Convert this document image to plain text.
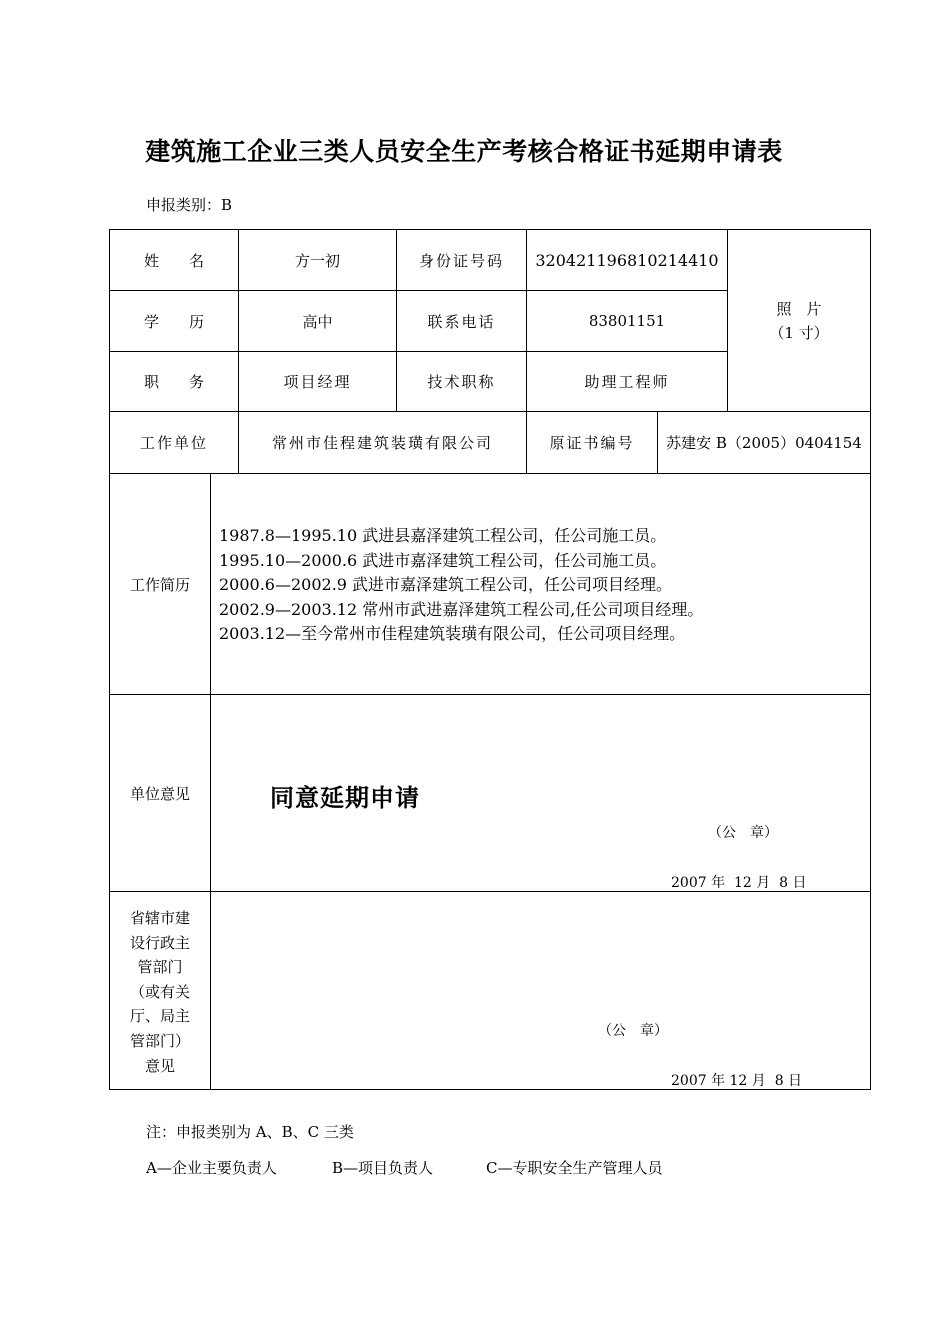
建筑施工企业三类人员安全生产考核合格证书延期申请表
申报类别：B
姓　　名	方一初	身份证号码	320421196810214410
照　片
（1 寸）
学　　历	高中	联系电话	83801151
职　　务	项目经理	技术职称	助理工程师
工作单位	常州市佳程建筑装璜有限公司	原证书编号	苏建安 B（2005）0404154
工作简历
1987.8—1995.10 武进县嘉泽建筑工程公司，任公司施工员。
1995.10—2000.6 武进市嘉泽建筑工程公司，任公司施工员。
2000.6—2002.9 武进市嘉泽建筑工程公司，任公司项目经理。
2002.9—2003.12 常州市武进嘉泽建筑工程公司,任公司项目经理。
2003.12—至今常州市佳程建筑装璜有限公司，任公司项目经理。
单位意见	同意延期申请
（公　章）
2007 年  12 月  8 日
省辖市建
设行政主
管部门
（或有关
厅、局主
管部门）
意见
（公　章）
2007 年 12 月  8 日
注：申报类别为 A、B、C 三类
A—企业主要负责人	B—项目负责人	C—专职安全生产管理人员
